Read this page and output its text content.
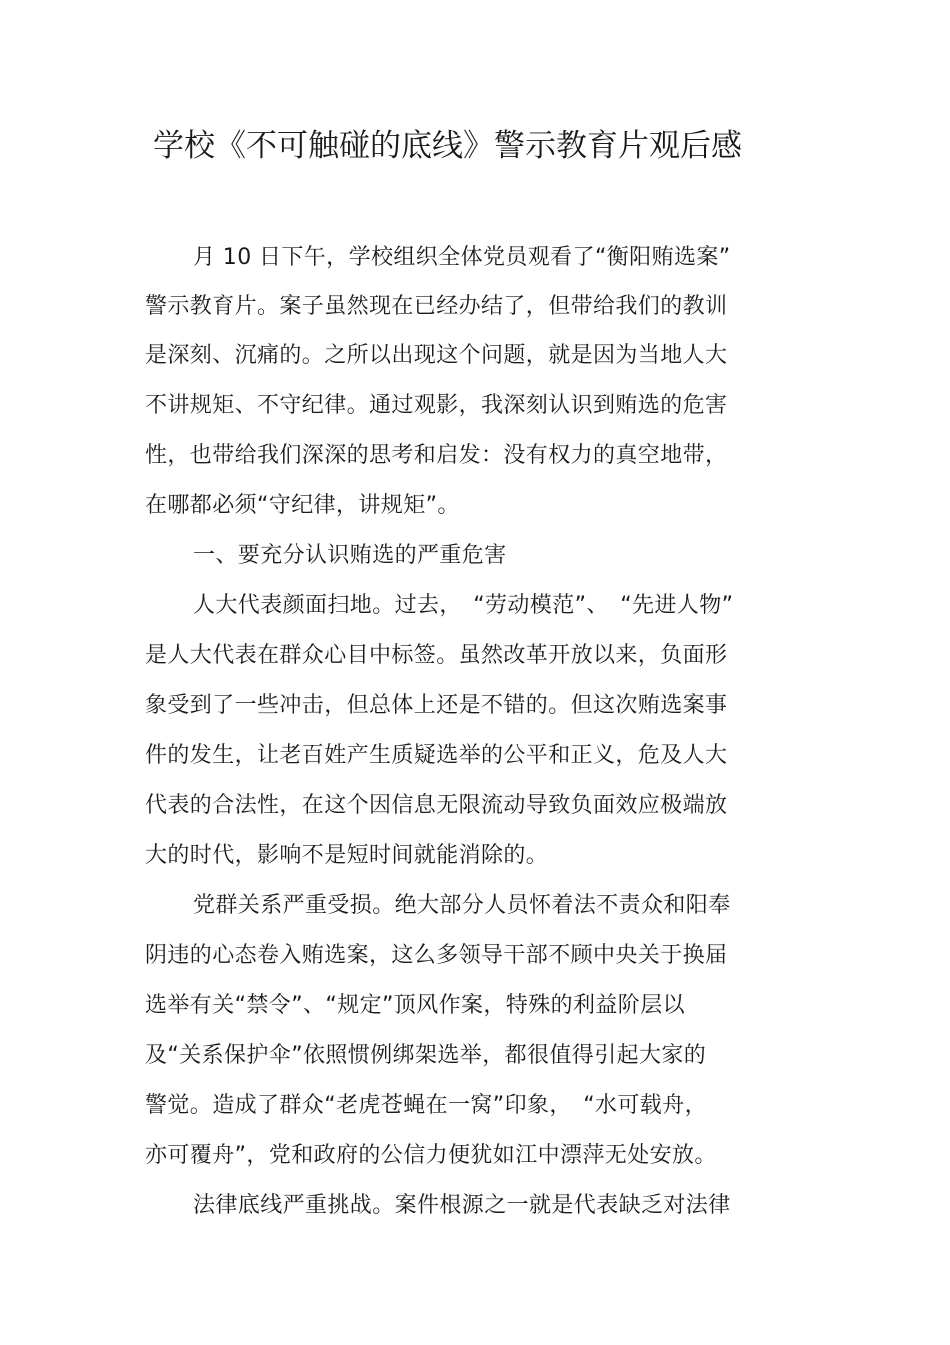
学校《不可触碰的底线》警示教育片观后感
月 10 日下午，学校组织全体党员观看了“衡阳贿选案”
警示教育片。案子虽然现在已经办结了，但带给我们的教训
是深刻、沉痛的。之所以出现这个问题，就是因为当地人大
不讲规矩、不守纪律。通过观影，我深刻认识到贿选的危害
性，也带给我们深深的思考和启发：没有权力的真空地带，
在哪都必须“守纪律，讲规矩”。
一、要充分认识贿选的严重危害
人大代表颜面扫地。过去，　“劳动模范”、　“先进人物”
是人大代表在群众心目中标签。虽然改革开放以来，负面形
象受到了一些冲击，但总体上还是不错的。但这次贿选案事
件的发生，让老百姓产生质疑选举的公平和正义，危及人大
代表的合法性，在这个因信息无限流动导致负面效应极端放
大的时代，影响不是短时间就能消除的。
党群关系严重受损。绝大部分人员怀着法不责众和阳奉
阴违的心态卷入贿选案，这么多领导干部不顾中央关于换届
选举有关“禁令”、“规定”顶风作案，特殊的利益阶层以
及“关系保护伞”依照惯例绑架选举，都很值得引起大家的
警觉。造成了群众“老虎苍蝇在一窝”印象，　“水可载舟，
亦可覆舟”，党和政府的公信力便犹如江中漂萍无处安放。
法律底线严重挑战。案件根源之一就是代表缺乏对法律
